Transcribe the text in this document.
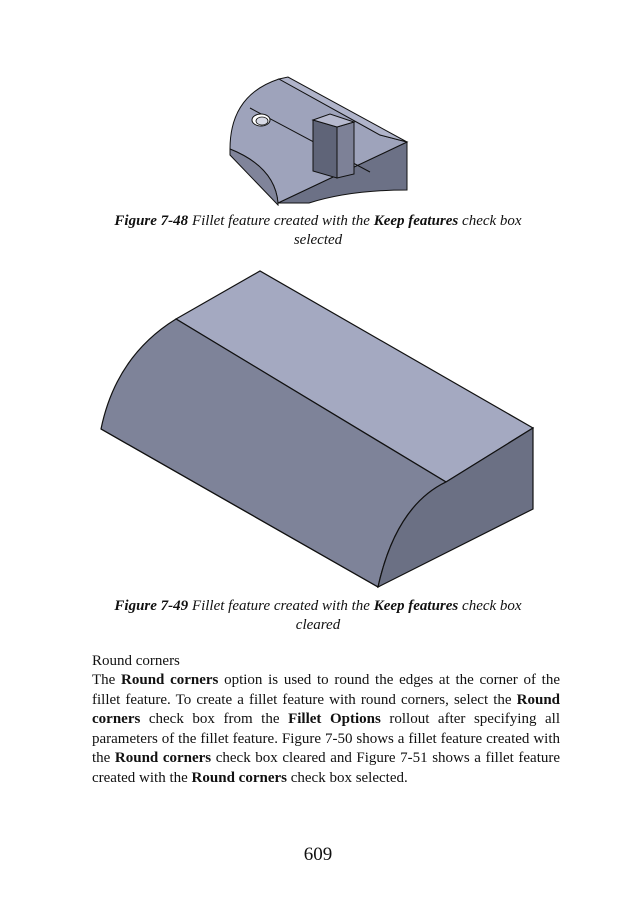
Figure 7-48 Fillet feature created with the Keep features check box selected
Figure 7-49 Fillet feature created with the Keep features check box cleared
Round corners
The Round corners option is used to round the edges at the corner of the fillet feature. To create a fillet feature with round corners, select the Round corners check box from the Fillet Options rollout after specifying all parameters of the fillet feature. Figure 7-50 shows a fillet feature created with the Round corners check box cleared and Figure 7-51 shows a fillet feature created with the Round corners check box selected.
609
